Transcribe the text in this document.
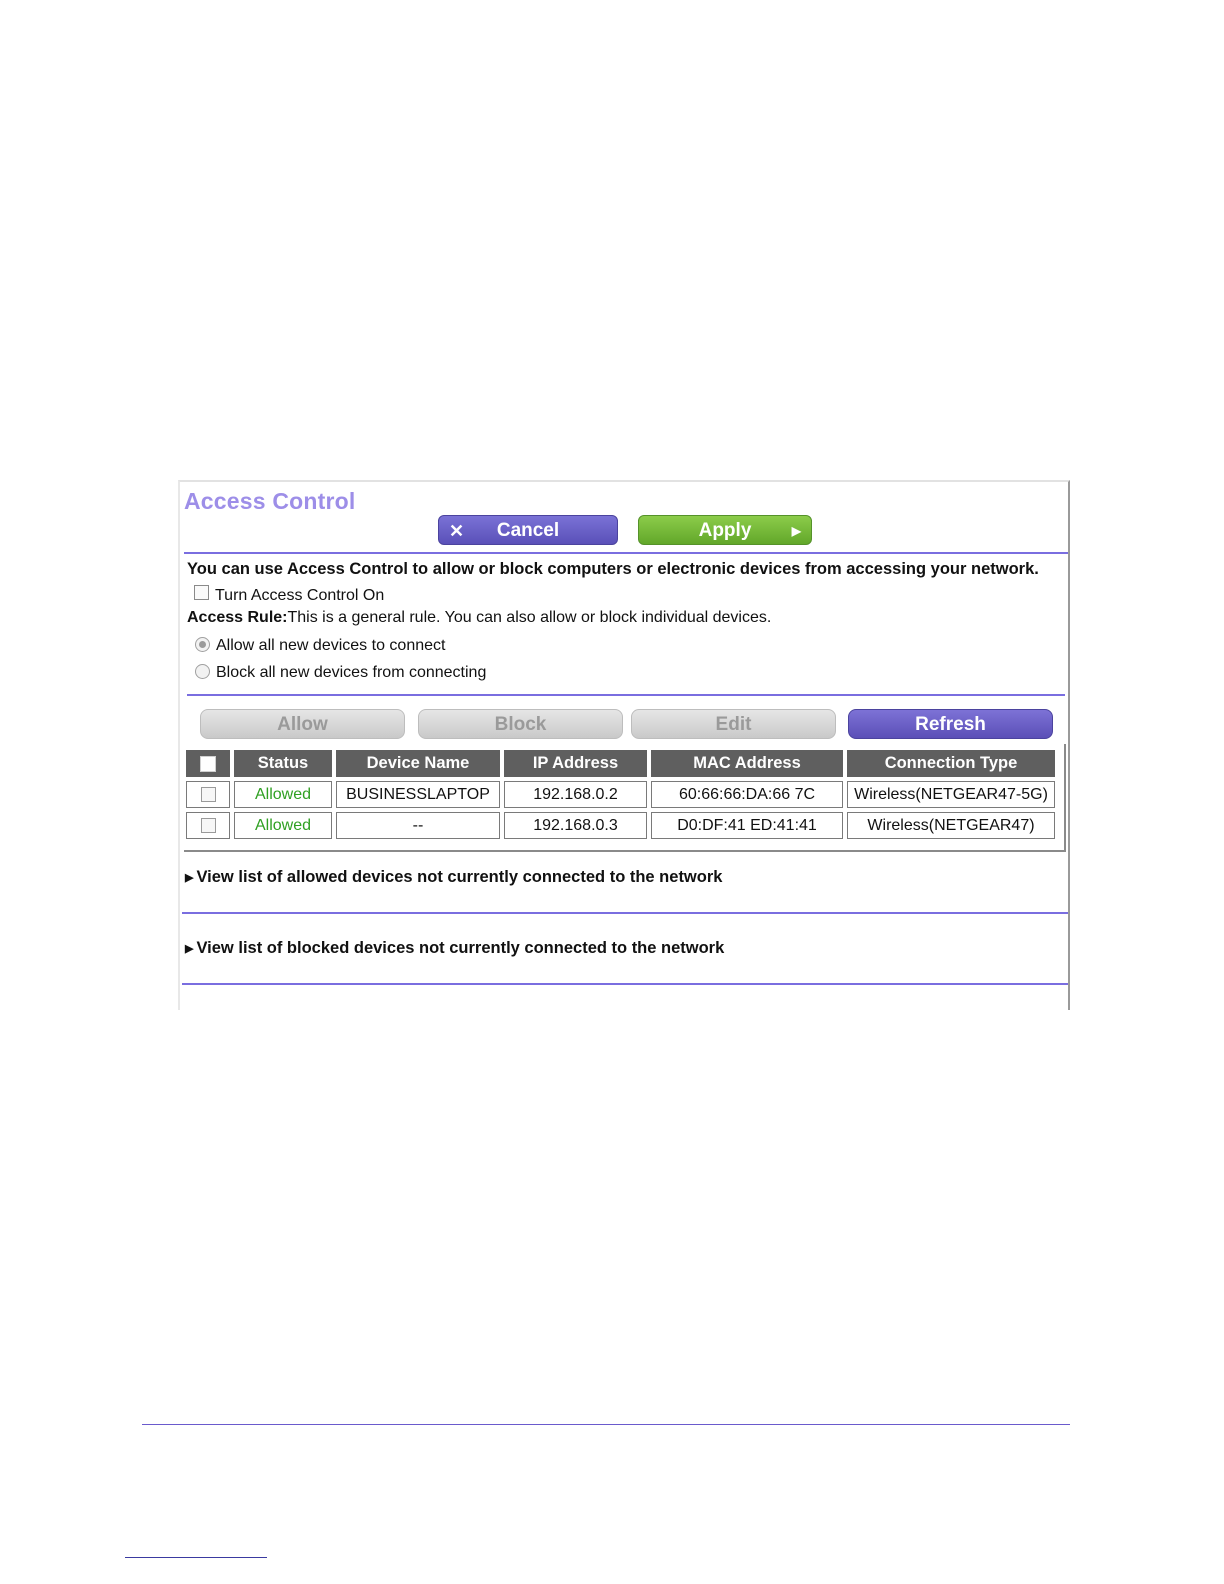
Access Control
✕ Cancel	Apply	▶
You can use Access Control to allow or block computers or electronic devices from accessing your network.
Turn Access Control On
Access Rule:This is a general rule. You can also allow or block individual devices.
Allow all new devices to connect
Block all new devices from connecting
Allow	Block	Edit	Refresh
	Status	Device Name	IP Address	MAC Address	Connection Type
	Allowed	BUSINESSLAPTOP	192.168.0.2	60:66:66:DA:66 7C	Wireless(NETGEAR47-5G)
	Allowed	--	192.168.0.3	D0:DF:41 ED:41:41	Wireless(NETGEAR47)
▶ View list of allowed devices not currently connected to the network
▶ View list of blocked devices not currently connected to the network
